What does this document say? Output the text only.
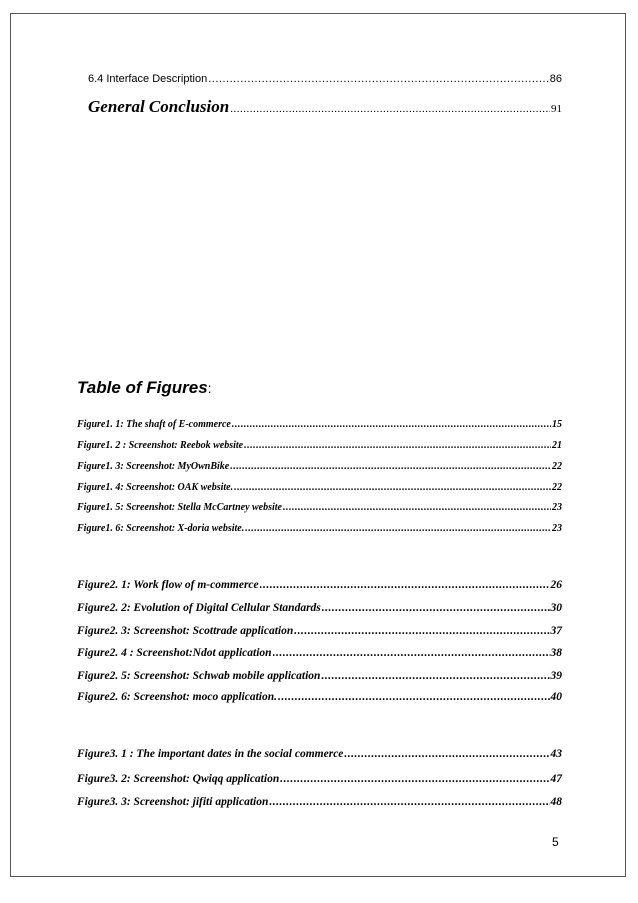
6.4 Interface Description .....	86
General Conclusion .....	91
Table of Figures:
Figure1. 1: The shaft of E-commerce .....	15
Figure1. 2 : Screenshot: Reebok website .....	21
Figure1. 3: Screenshot: MyOwnBike .....	22
Figure1. 4: Screenshot: OAK website. .....	22
Figure1. 5: Screenshot: Stella McCartney website .....	23
Figure1. 6: Screenshot: X-doria website. .....	23
Figure2. 1: Work flow of m-commerce .....	26
Figure2. 2: Evolution of Digital Cellular Standards .....	30
Figure2. 3: Screenshot: Scottrade application .....	37
Figure2. 4 : Screenshot:Ndot application .....	38
Figure2. 5: Screenshot: Schwab mobile application .....	39
Figure2. 6: Screenshot: moco application. .....	40
Figure3. 1 : The important dates in the social commerce .....	43
Figure3. 2: Screenshot: Qwiqq application .....	47
Figure3. 3: Screenshot: jifiti application .....	48
5
